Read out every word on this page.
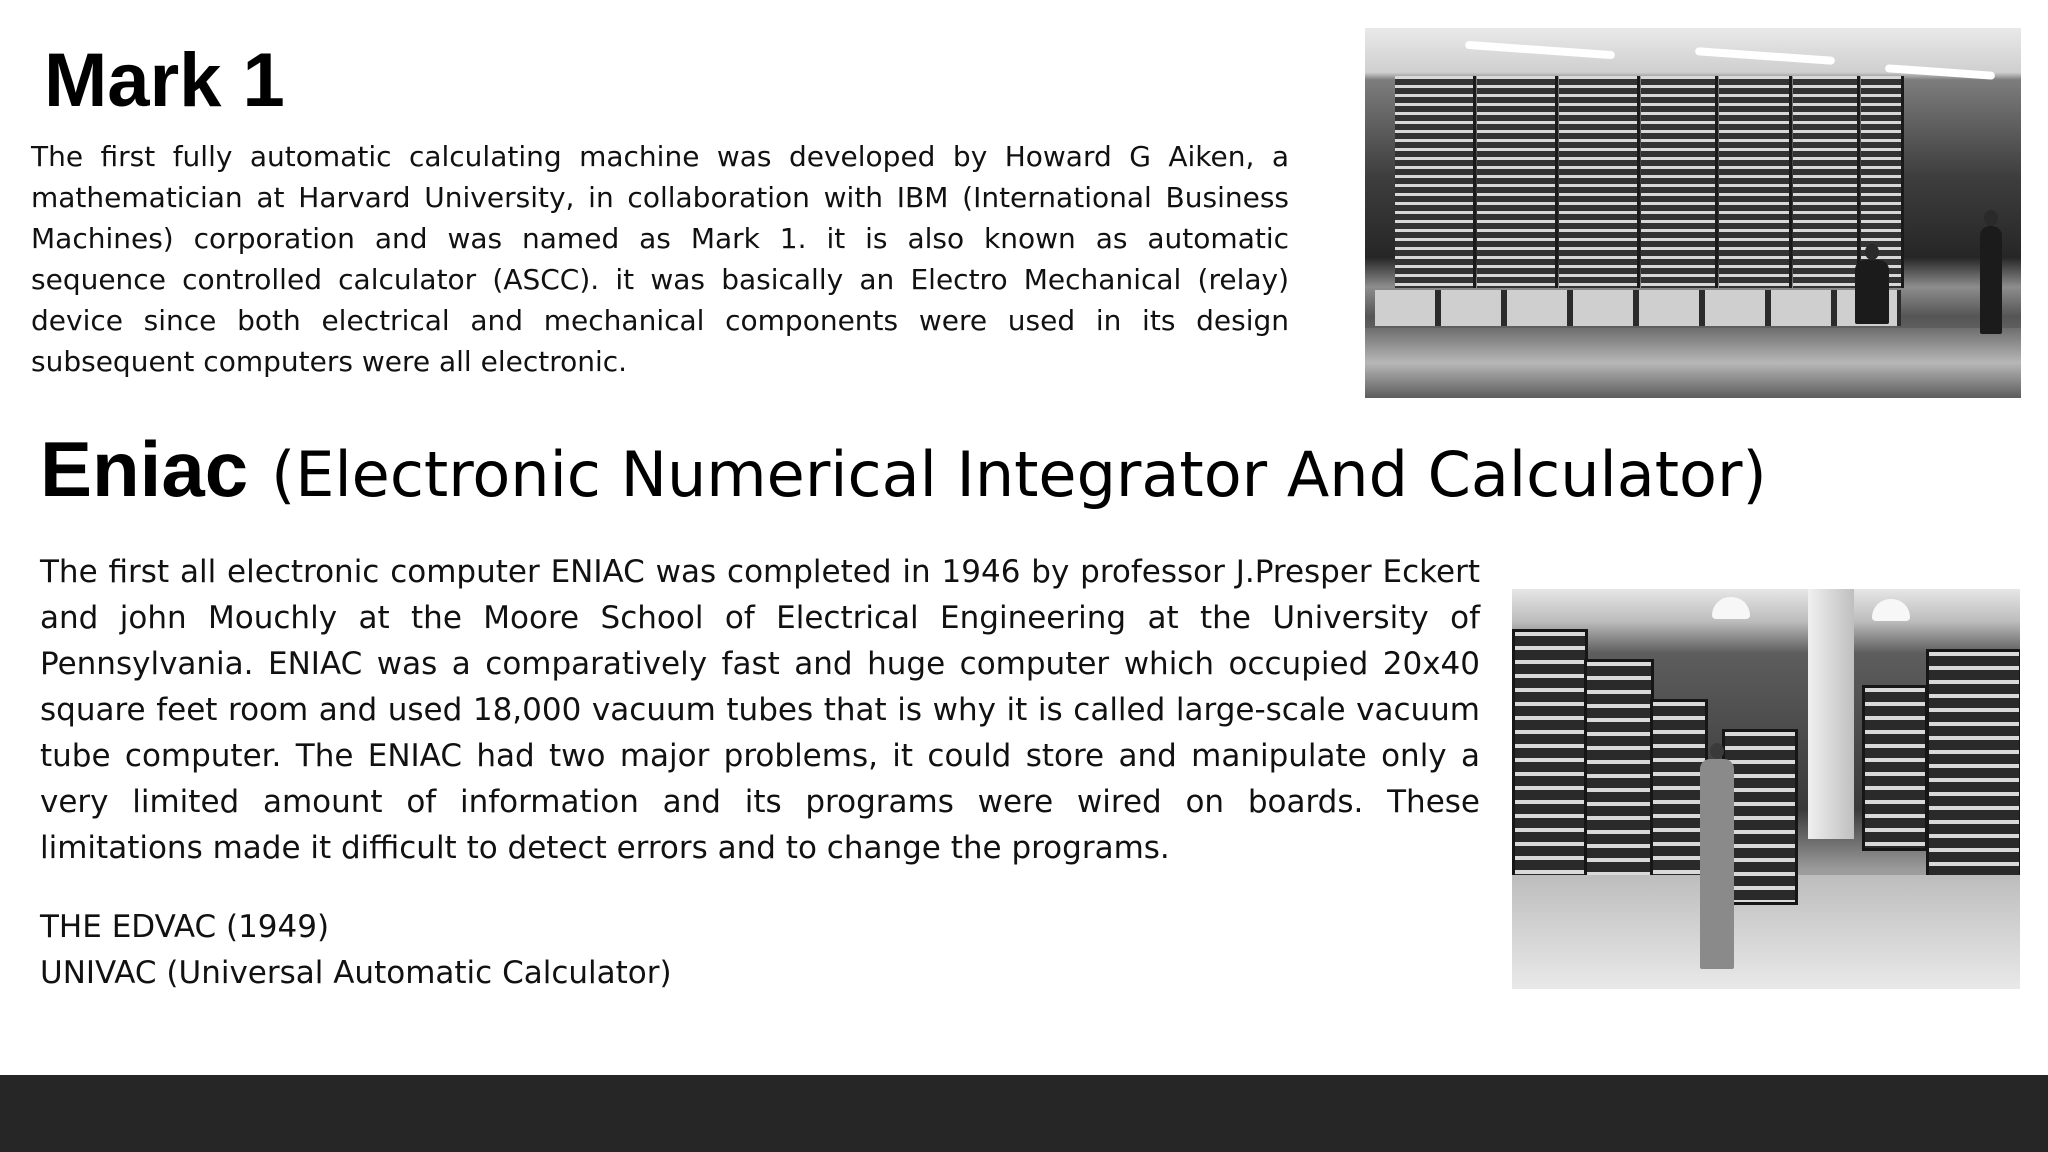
Mark 1

The first fully automatic calculating machine was developed by Howard G Aiken, a mathematician at Harvard University, in collaboration with IBM (International Business Machines) corporation and was named as Mark 1. it is also known as automatic sequence controlled calculator (ASCC). it was basically an Electro Mechanical (relay) device since both electrical and mechanical components were used in its design subsequent computers were all electronic.

Eniac (Electronic Numerical Integrator And Calculator)

The first all electronic computer ENIAC was completed in 1946 by professor J.Presper Eckert and john Mouchly at the Moore School of Electrical Engineering at the University of Pennsylvania. ENIAC was a comparatively fast and huge computer which occupied 20x40 square feet room and used 18,000 vacuum tubes that is why it is called large-scale vacuum tube computer. The ENIAC had two major problems, it could store and manipulate only a very limited amount of information and its programs were wired on boards. These limitations made it difficult to detect errors and to change the programs.

THE EDVAC (1949)
UNIVAC (Universal Automatic Calculator)
